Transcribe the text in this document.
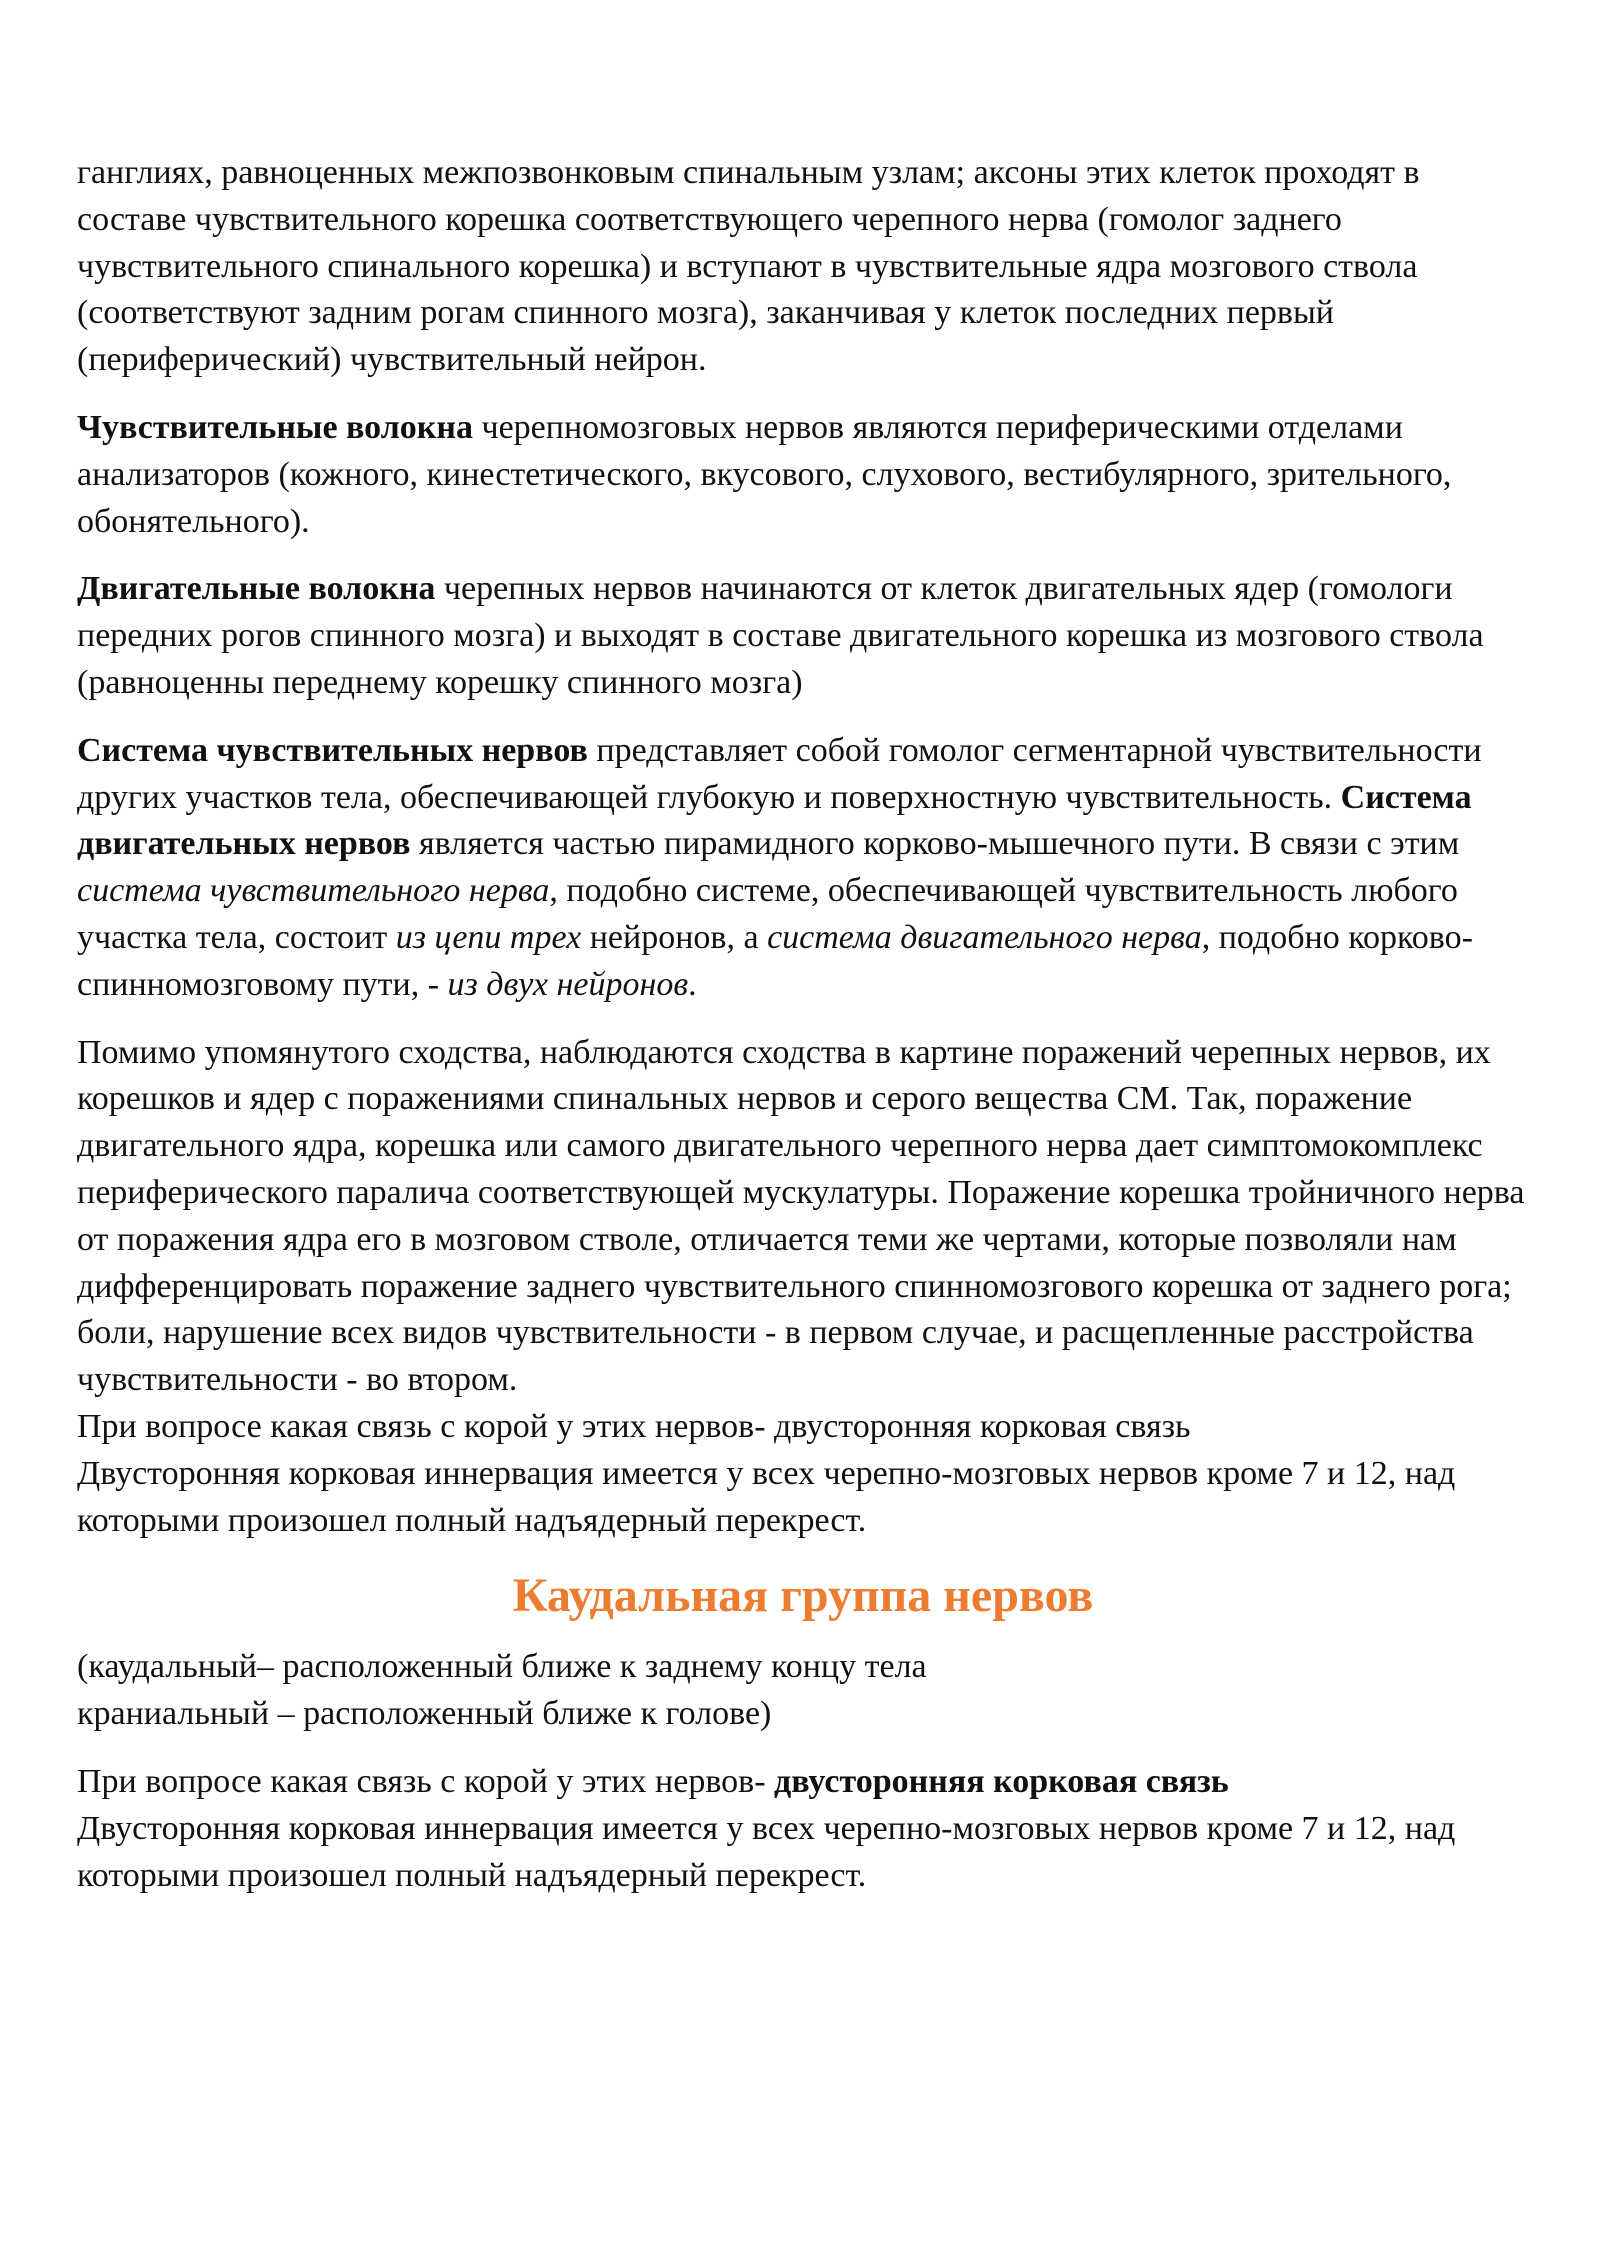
ганглиях, равноценных межпозвонковым спинальным узлам; аксоны этих клеток проходят в составе чувствительного корешка соответствующего черепного нерва (гомолог заднего чувствительного спинального корешка) и вступают в чувствительные ядра мозгового ствола (соответствуют задним рогам спинного мозга), заканчивая у клеток последних первый (периферический) чувствительный нейрон.

Чувствительные волокна черепномозговых нервов являются периферическими отделами анализаторов (кожного, кинестетического, вкусового, слухового, вестибулярного, зрительного, обонятельного).

Двигательные волокна черепных нервов начинаются от клеток двигательных ядер (гомологи передних рогов спинного мозга) и выходят в составе двигательного корешка из мозгового ствола (равноценны переднему корешку спинного мозга)

Система чувствительных нервов представляет собой гомолог сегментарной чувствительности других участков тела, обеспечивающей глубокую и поверхностную чувствительность. Система двигательных нервов является частью пирамидного корково-мышечного пути. В связи с этим система чувствительного нерва, подобно системе, обеспечивающей чувствительность любого участка тела, состоит из цепи трех нейронов, а система двигательного нерва, подобно корково-спинномозговому пути, - из двух нейронов.

Помимо упомянутого сходства, наблюдаются сходства в картине поражений черепных нервов, их корешков и ядер с поражениями спинальных нервов и серого вещества СМ. Так, поражение двигательного ядра, корешка или самого двигательного черепного нерва дает симптомокомплекс периферического паралича соответствующей мускулатуры. Поражение корешка тройничного нерва от поражения ядра его в мозговом стволе, отличается теми же чертами, которые позволяли нам дифференцировать поражение заднего чувствительного спинномозгового корешка от заднего рога; боли, нарушение всех видов чувствительности - в первом случае, и расщепленные расстройства чувствительности - во втором.

При вопросе какая связь с корой у этих нервов- двусторонняя корковая связь
Двусторонняя корковая иннервация имеется у всех черепно-мозговых нервов кроме 7 и 12, над которыми произошел полный надъядерный перекрест.

Каудальная группа нервов

(каудальный– расположенный ближе к заднему концу тела
краниальный – расположенный ближе к голове)

При вопросе какая связь с корой у этих нервов- двусторонняя корковая связь
Двусторонняя корковая иннервация имеется у всех черепно-мозговых нервов кроме 7 и 12, над которыми произошел полный надъядерный перекрест.
